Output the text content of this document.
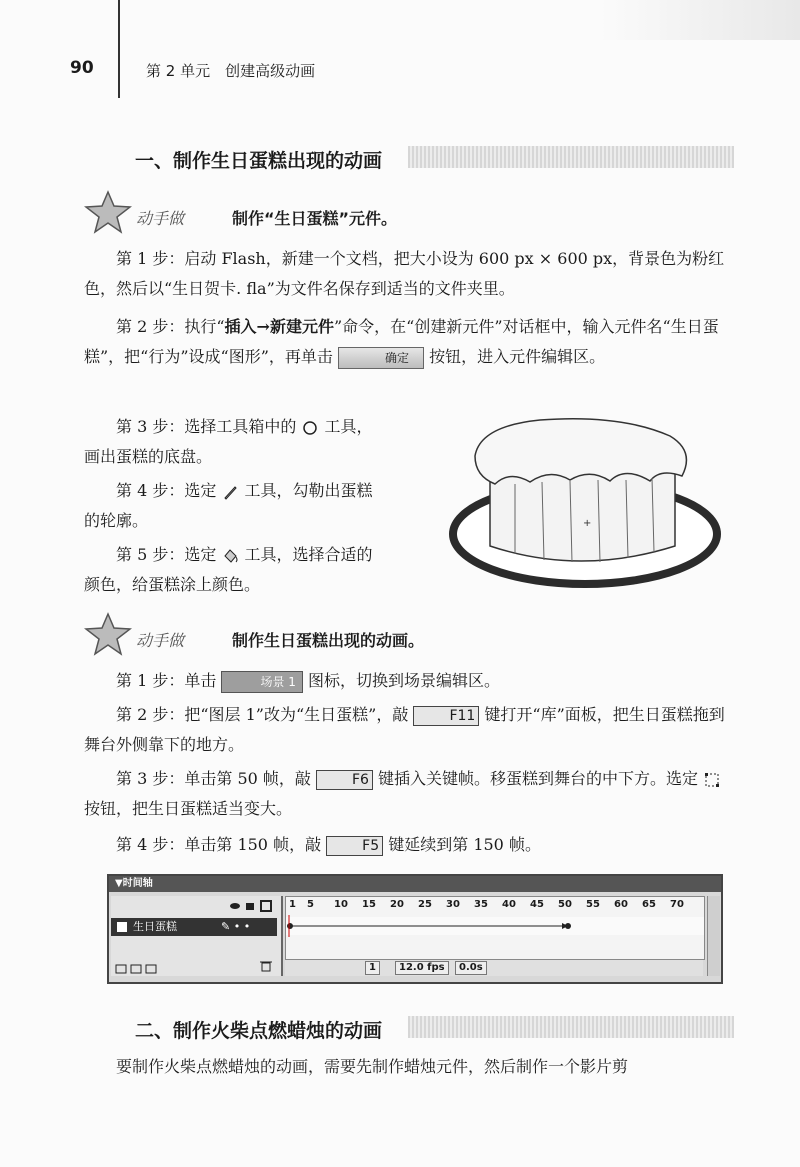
90	第 2 单元　创建高级动画
一、制作生日蛋糕出现的动画
动手做	制作“生日蛋糕”元件。
第 1 步：启动 Flash，新建一个文档，把大小设为 600 px × 600 px，背景色为粉红色，然后以“生日贺卡. fla”为文件名保存到适当的文件夹里。
第 2 步：执行“插入→新建元件”命令，在“创建新元件”对话框中，输入元件名“生日蛋糕”，把“行为”设成“图形”，再单击	确定 按钮，进入元件编辑区。
第 3 步：选择工具箱中的 工具，画出蛋糕的底盘。
第 4 步：选定 工具，勾勒出蛋糕的轮廓。
第 5 步：选定 工具，选择合适的颜色，给蛋糕涂上颜色。
+
动手做	制作生日蛋糕出现的动画。
第 1 步：单击	场景 1 图标，切换到场景编辑区。
第 2 步：把“图层 1”改为“生日蛋糕”，敲	F11 键打开“库”面板，把生日蛋糕拖到舞台外侧靠下的地方。
第 3 步：单击第 50 帧，敲	F6 键插入关键帧。移蛋糕到舞台的中下方。选定  按钮，把生日蛋糕适当变大。
第 4 步：单击第 150 帧，敲	F5 键延续到第 150 帧。
▼时间轴
生日蛋糕	✎ • •
1 5 10 15 20 25 30 35 40 45 50 55 60 65 70
1	12.0 fps	0.0s
二、制作火柴点燃蜡烛的动画
要制作火柴点燃蜡烛的动画，需要先制作蜡烛元件，然后制作一个影片剪
